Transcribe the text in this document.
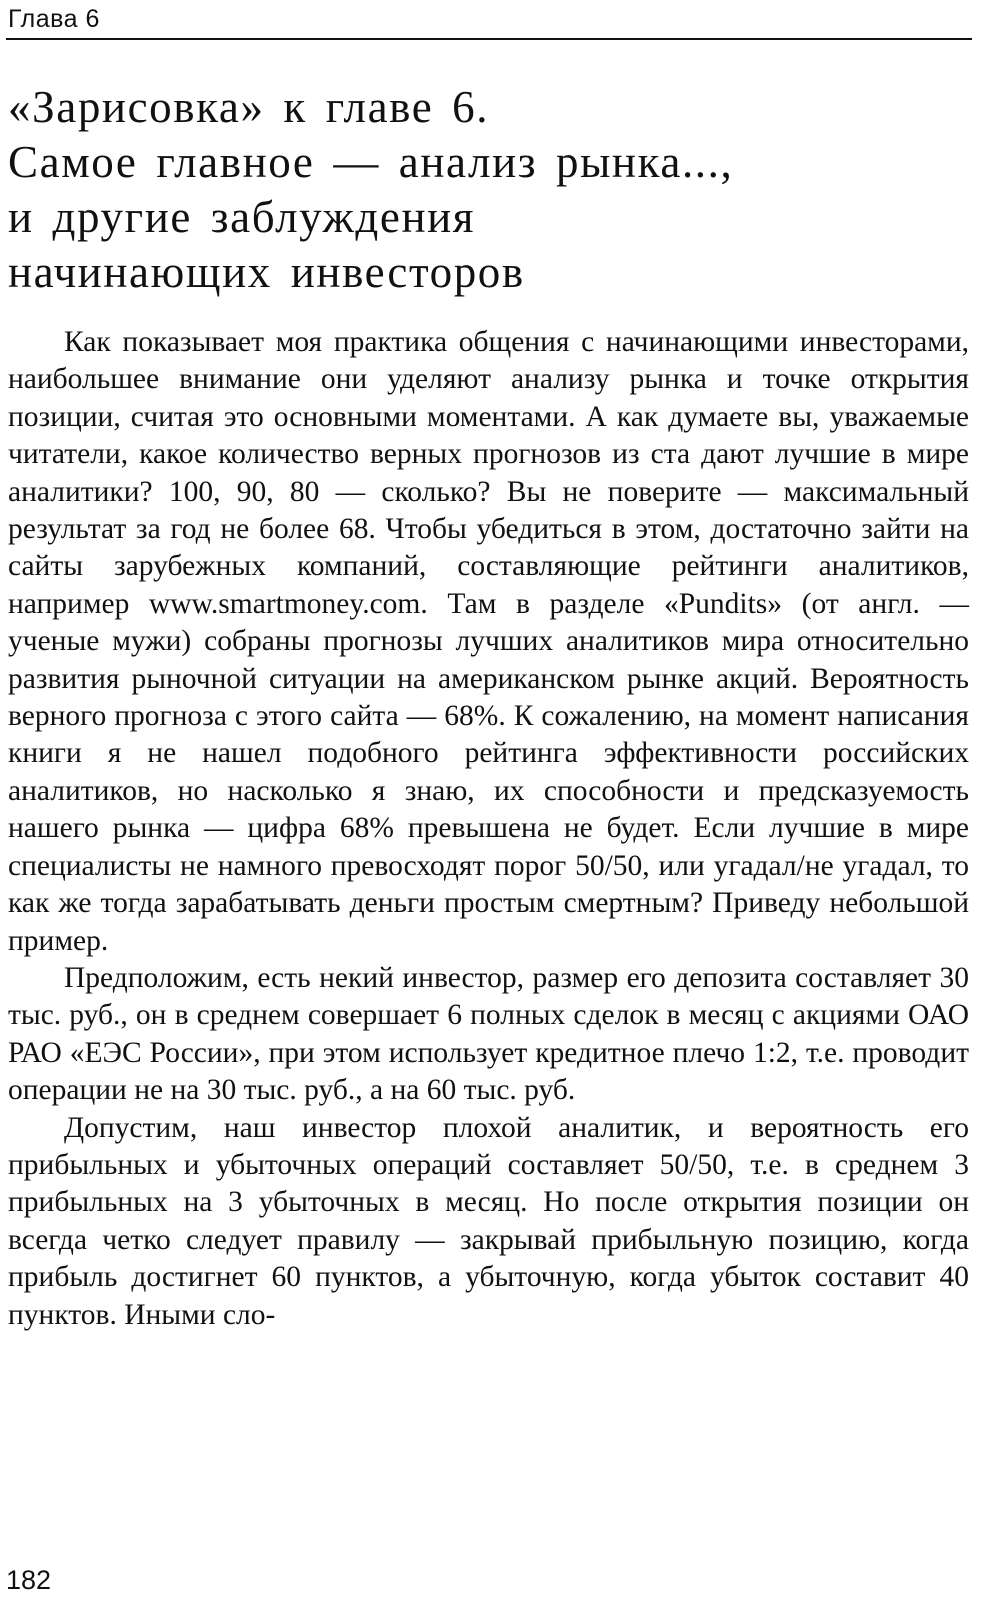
Глава 6
«Зарисовка» к главе 6.
Самое главное — анализ рынка...,
и другие заблуждения
начинающих инвесторов

Как показывает моя практика общения с начинающими инвесторами, наибольшее внимание они уделяют анализу рынка и точке открытия позиции, считая это основными моментами. А как думаете вы, уважаемые читатели, какое количество верных прогнозов из ста дают лучшие в мире аналитики? 100, 90, 80 — сколько? Вы не поверите — максимальный результат за год не более 68. Чтобы убедиться в этом, достаточно зайти на сайты зарубежных компаний, составляющие рейтинги аналитиков, например www.smartmoney.com. Там в разделе «Pundits» (от англ. — ученые мужи) собраны прогнозы лучших аналитиков мира относительно развития рыночной ситуации на американском рынке акций. Вероятность верного прогноза с этого сайта — 68%. К сожалению, на момент написания книги я не нашел подобного рейтинга эффективности российских аналитиков, но насколько я знаю, их способности и предсказуемость нашего рынка — цифра 68% превышена не будет. Если лучшие в мире специалисты не намного превосходят порог 50/50, или угадал/не угадал, то как же тогда зарабатывать деньги простым смертным? Приведу небольшой пример.

Предположим, есть некий инвестор, размер его депозита составляет 30 тыс. руб., он в среднем совершает 6 полных сделок в месяц с акциями ОАО РАО «ЕЭС России», при этом использует кредитное плечо 1:2, т.е. проводит операции не на 30 тыс. руб., а на 60 тыс. руб.

Допустим, наш инвестор плохой аналитик, и вероятность его прибыльных и убыточных операций составляет 50/50, т.е. в среднем 3 прибыльных на 3 убыточных в месяц. Но после открытия позиции он всегда четко следует правилу — закрывай прибыльную позицию, когда прибыль достигнет 60 пунктов, а убыточную, когда убыток составит 40 пунктов. Иными сло-

182
